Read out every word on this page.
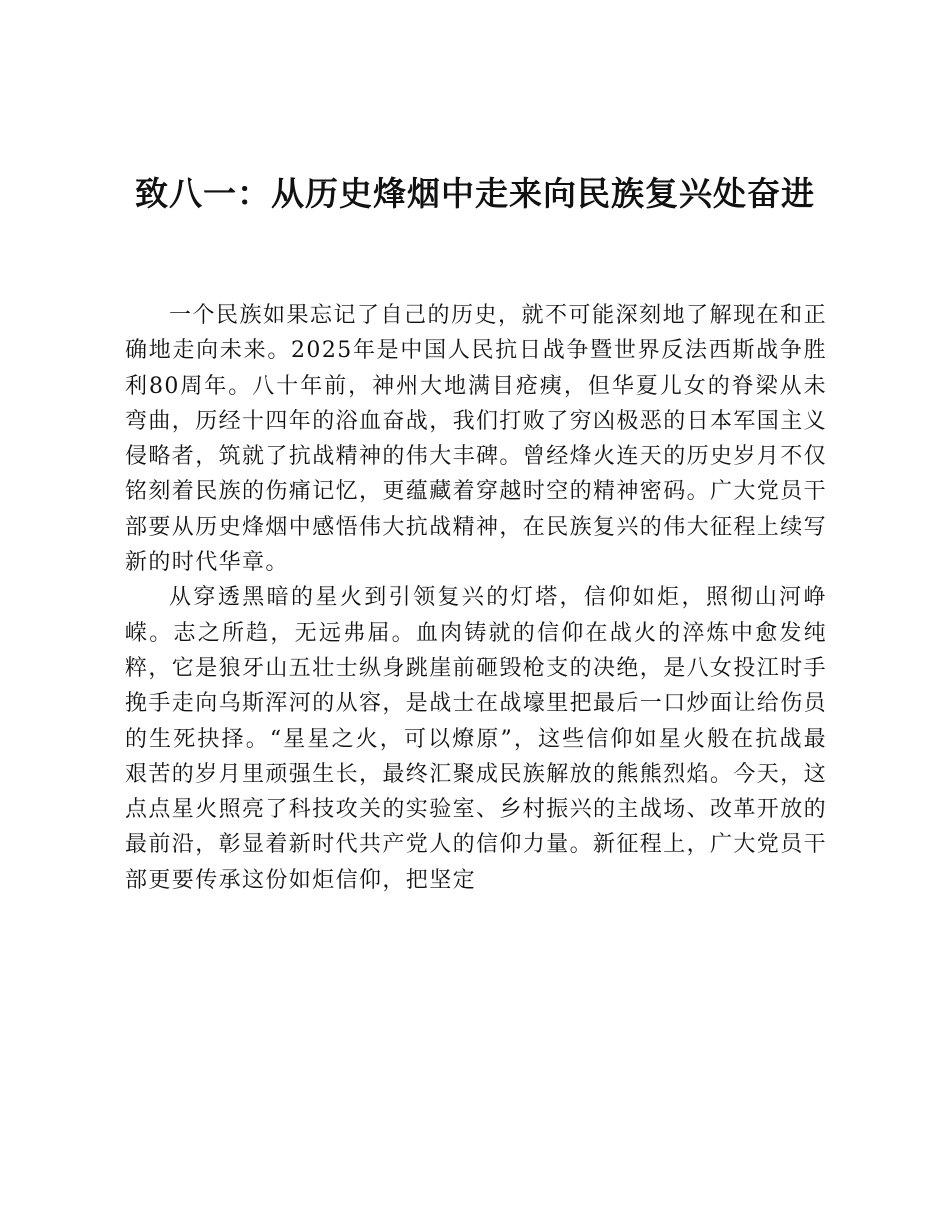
致八一：从历史烽烟中走来向民族复兴处奋进

一个民族如果忘记了自己的历史，就不可能深刻地了解现在和正确地走向未来。2025年是中国人民抗日战争暨世界反法西斯战争胜利80周年。八十年前，神州大地满目疮痍，但华夏儿女的脊梁从未弯曲，历经十四年的浴血奋战，我们打败了穷凶极恶的日本军国主义侵略者，筑就了抗战精神的伟大丰碑。曾经烽火连天的历史岁月不仅铭刻着民族的伤痛记忆，更蕴藏着穿越时空的精神密码。广大党员干部要从历史烽烟中感悟伟大抗战精神，在民族复兴的伟大征程上续写新的时代华章。

从穿透黑暗的星火到引领复兴的灯塔，信仰如炬，照彻山河峥嵘。志之所趋，无远弗届。血肉铸就的信仰在战火的淬炼中愈发纯粹，它是狼牙山五壮士纵身跳崖前砸毁枪支的决绝，是八女投江时手挽手走向乌斯浑河的从容，是战士在战壕里把最后一口炒面让给伤员的生死抉择。“星星之火，可以燎原”，这些信仰如星火般在抗战最艰苦的岁月里顽强生长，最终汇聚成民族解放的熊熊烈焰。今天，这点点星火照亮了科技攻关的实验室、乡村振兴的主战场、改革开放的最前沿，彰显着新时代共产党人的信仰力量。新征程上，广大党员干部更要传承这份如炬信仰，把坚定
